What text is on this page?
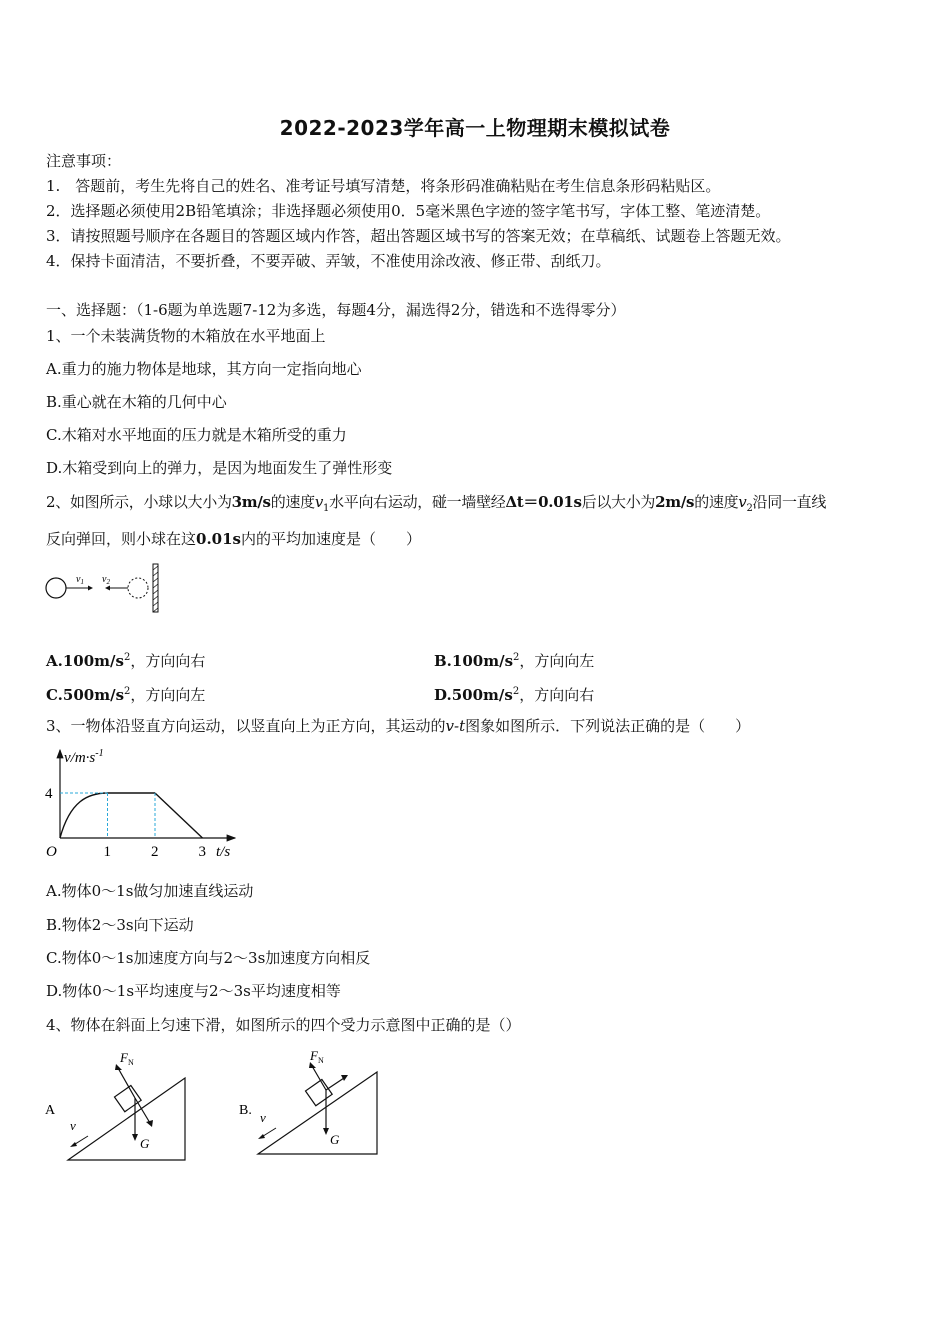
2022-2023学年高一上物理期末模拟试卷
注意事项：
1.　答题前，考生先将自己的姓名、准考证号填写清楚，将条形码准确粘贴在考生信息条形码粘贴区。
2．选择题必须使用2B铅笔填涂；非选择题必须使用0．5毫米黑色字迹的签字笔书写，字体工整、笔迹清楚。
3．请按照题号顺序在各题目的答题区域内作答，超出答题区域书写的答案无效；在草稿纸、试题卷上答题无效。
4．保持卡面清洁，不要折叠，不要弄破、弄皱，不准使用涂改液、修正带、刮纸刀。
一、选择题：（1-6题为单选题7-12为多选，每题4分，漏选得2分，错选和不选得零分）
1、一个未装满货物的木箱放在水平地面上
A.重力的施力物体是地球，其方向一定指向地心
B.重心就在木箱的几何中心
C.木箱对水平地面的压力就是木箱所受的重力
D.木箱受到向上的弹力，是因为地面发生了弹性形变
2、如图所示，小球以大小为3m/s的速度$v_1$水平向右运动，碰一墙壁经Δt＝0.01s后以大小为2m/s的速度$v_2$沿同一直线
反向弹回，则小球在这0.01s内的平均加速度是（　　）
$v_1$ $v_2$
$A.100m/s^2$，方向向右	$B.100m/s^2$，方向向左
$C.500m/s^2$，方向向左	$D.500m/s^2$，方向向右
3、一物体沿竖直方向运动，以竖直向上为正方向，其运动的v-t图象如图所示．下列说法正确的是（　　）
$v/m\cdot s^{-1}$
t/s
O
4
1	2	3
A.物体0～1s做匀加速直线运动
B.物体2～3s向下运动
C.物体0～1s加速度方向与2～3s加速度方向相反
D.物体0～1s平均速度与2～3s平均速度相等
4、物体在斜面上匀速下滑，如图所示的四个受力示意图中正确的是（）
A
$F_N$
G
v
B.
$F_N$
G
v
